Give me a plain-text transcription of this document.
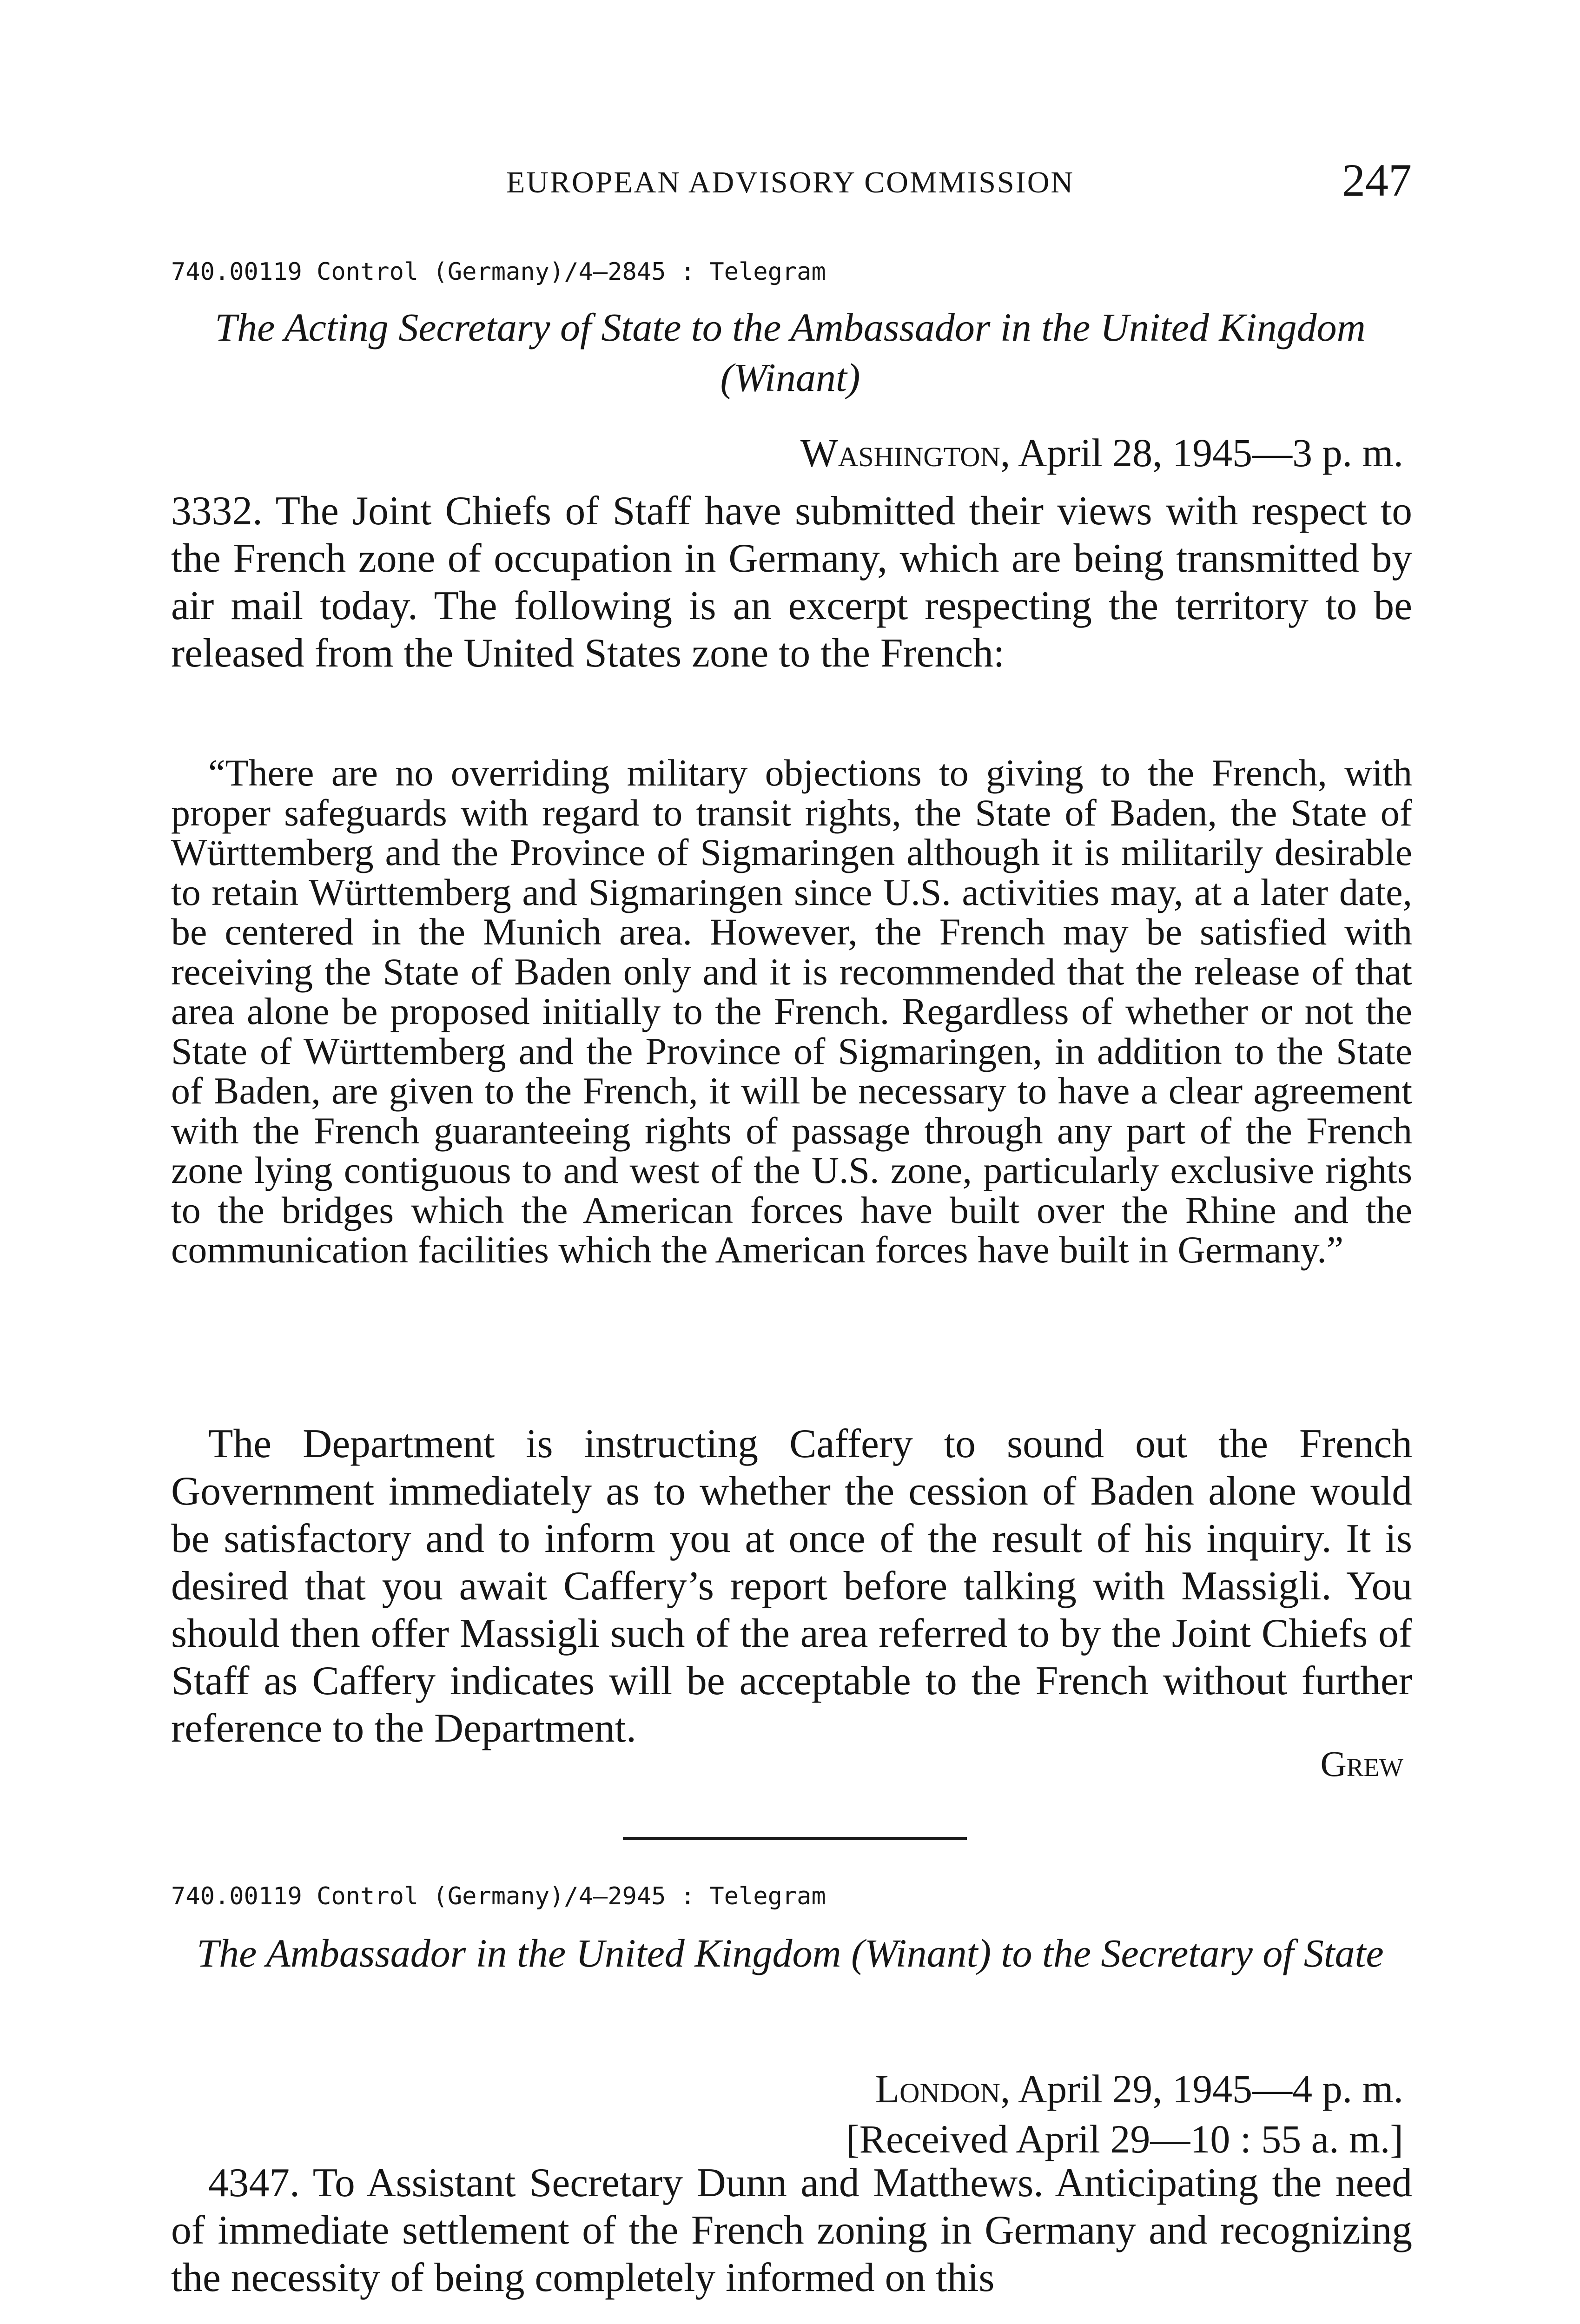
EUROPEAN ADVISORY COMMISSION	247
740.00119 Control (Germany)/4–2845 : Telegram
The Acting Secretary of State to the Ambassador in the United Kingdom (Winant)
Washington, April 28, 1945—3 p. m.

3332. The Joint Chiefs of Staff have submitted their views with respect to the French zone of occupation in Germany, which are being transmitted by air mail today. The following is an excerpt respecting the territory to be released from the United States zone to the French:

“There are no overriding military objections to giving to the French, with proper safeguards with regard to transit rights, the State of Baden, the State of Württemberg and the Province of Sigmaringen although it is militarily desirable to retain Württemberg and Sigmaringen since U.S. activities may, at a later date, be centered in the Munich area. However, the French may be satisfied with receiving the State of Baden only and it is recommended that the release of that area alone be proposed initially to the French. Regardless of whether or not the State of Württemberg and the Province of Sigmaringen, in addition to the State of Baden, are given to the French, it will be necessary to have a clear agreement with the French guaranteeing rights of passage through any part of the French zone lying contiguous to and west of the U.S. zone, particularly exclusive rights to the bridges which the American forces have built over the Rhine and the communication facilities which the American forces have built in Germany.”

The Department is instructing Caffery to sound out the French Government immediately as to whether the cession of Baden alone would be satisfactory and to inform you at once of the result of his inquiry. It is desired that you await Caffery’s report before talking with Massigli. You should then offer Massigli such of the area referred to by the Joint Chiefs of Staff as Caffery indicates will be acceptable to the French without further reference to the Department.

Grew
740.00119 Control (Germany)/4–2945 : Telegram
The Ambassador in the United Kingdom (Winant) to the Secretary of State
London, April 29, 1945—4 p. m.
[Received April 29—10 : 55 a. m.]

4347. To Assistant Secretary Dunn and Matthews. Anticipating the need of immediate settlement of the French zoning in Germany and recognizing the necessity of being completely informed on this
